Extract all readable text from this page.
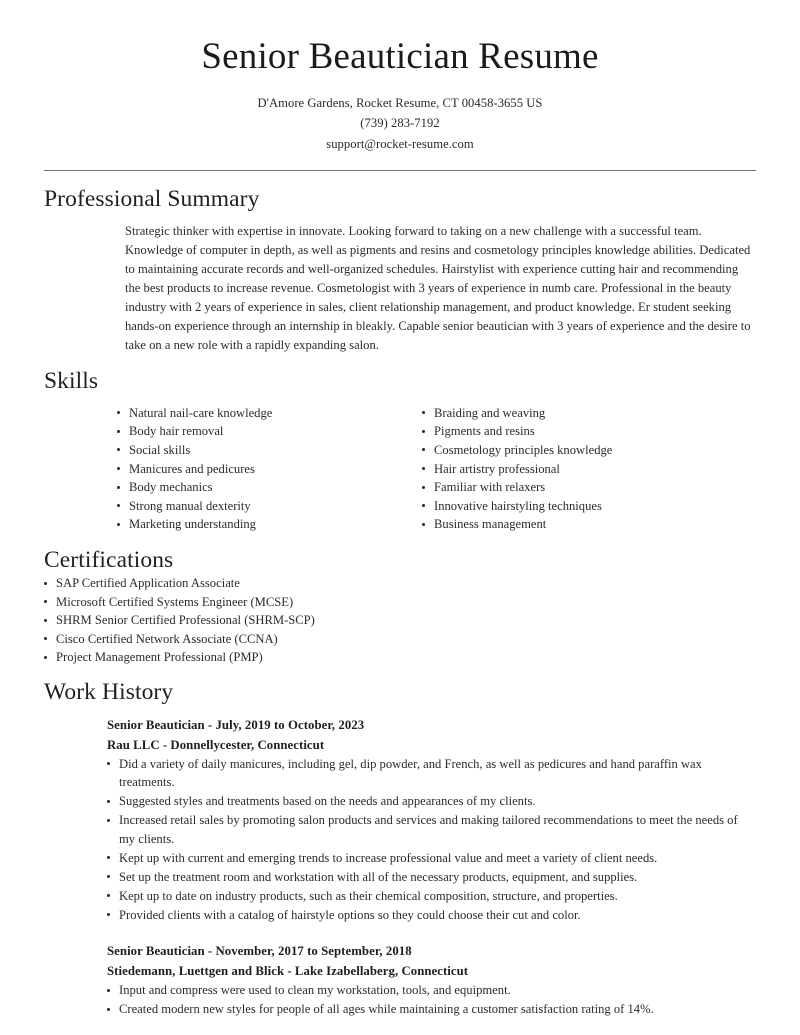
Senior Beautician Resume
D'Amore Gardens, Rocket Resume, CT 00458-3655 US
(739) 283-7192
support@rocket-resume.com
Professional Summary

Strategic thinker with expertise in innovate. Looking forward to taking on a new challenge with a successful team. Knowledge of computer in depth, as well as pigments and resins and cosmetology principles knowledge abilities. Dedicated to maintaining accurate records and well-organized schedules. Hairstylist with experience cutting hair and recommending the best products to increase revenue. Cosmetologist with 3 years of experience in numb care. Professional in the beauty industry with 2 years of experience in sales, client relationship management, and product knowledge. Er student seeking hands-on experience through an internship in bleakly. Capable senior beautician with 3 years of experience and the desire to take on a new role with a rapidly expanding salon.

Skills
Natural nail-care knowledge
Body hair removal
Social skills
Manicures and pedicures
Body mechanics
Strong manual dexterity
Marketing understanding
Braiding and weaving
Pigments and resins
Cosmetology principles knowledge
Hair artistry professional
Familiar with relaxers
Innovative hairstyling techniques
Business management
Certifications
SAP Certified Application Associate
Microsoft Certified Systems Engineer (MCSE)
SHRM Senior Certified Professional (SHRM-SCP)
Cisco Certified Network Associate (CCNA)
Project Management Professional (PMP)
Work History
Senior Beautician - July, 2019 to October, 2023
Rau LLC - Donnellycester, Connecticut
Did a variety of daily manicures, including gel, dip powder, and French, as well as pedicures and hand paraffin wax treatments.
Suggested styles and treatments based on the needs and appearances of my clients.
Increased retail sales by promoting salon products and services and making tailored recommendations to meet the needs of my clients.
Kept up with current and emerging trends to increase professional value and meet a variety of client needs.
Set up the treatment room and workstation with all of the necessary products, equipment, and supplies.
Kept up to date on industry products, such as their chemical composition, structure, and properties.
Provided clients with a catalog of hairstyle options so they could choose their cut and color.
Senior Beautician - November, 2017 to September, 2018
Stiedemann, Luettgen and Blick - Lake Izabellaberg, Connecticut
Input and compress were used to clean my workstation, tools, and equipment.
Created modern new styles for people of all ages while maintaining a customer satisfaction rating of 14%.
